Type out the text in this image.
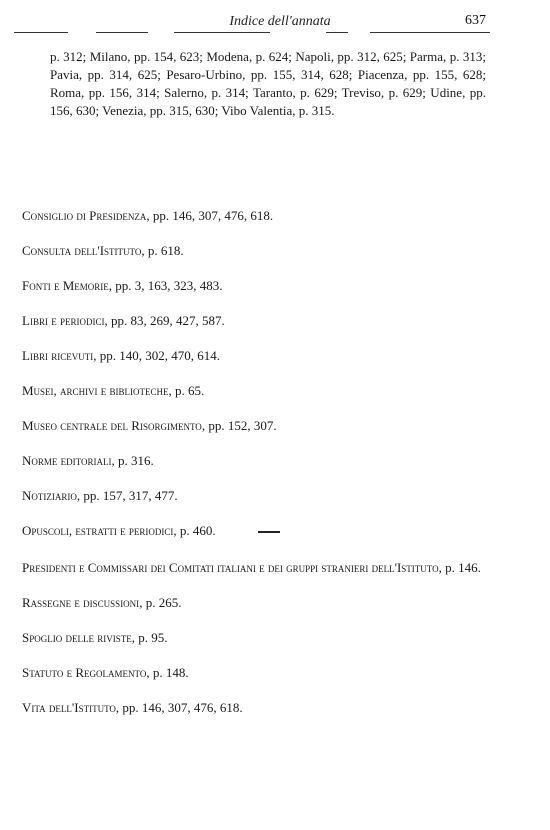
Indice dell'annata	637

p. 312; Milano, pp. 154, 623; Modena, p. 624; Napoli, pp. 312, 625; Parma, p. 313; Pavia, pp. 314, 625; Pesaro-Urbino, pp. 155, 314, 628; Piacenza, pp. 155, 628; Roma, pp. 156, 314; Salerno, p. 314; Taranto, p. 629; Treviso, p. 629; Udine, pp. 156, 630; Venezia, pp. 315, 630; Vibo Valentia, p. 315.

Consiglio di Presidenza, pp. 146, 307, 476, 618.

Consulta dell'Istituto, p. 618.

Fonti e Memorie, pp. 3, 163, 323, 483.

Libri e periodici, pp. 83, 269, 427, 587.

Libri ricevuti, pp. 140, 302, 470, 614.

Musei, archivi e biblioteche, p. 65.

Museo centrale del Risorgimento, pp. 152, 307.

Norme editoriali, p. 316.

Notiziario, pp. 157, 317, 477.

Opuscoli, estratti e periodici, p. 460.

Presidenti e Commissari dei Comitati italiani e dei gruppi stranieri dell'Istituto, p. 146.

Rassegne e discussioni, p. 265.

Spoglio delle riviste, p. 95.

Statuto e Regolamento, p. 148.

Vita dell'Istituto, pp. 146, 307, 476, 618.
